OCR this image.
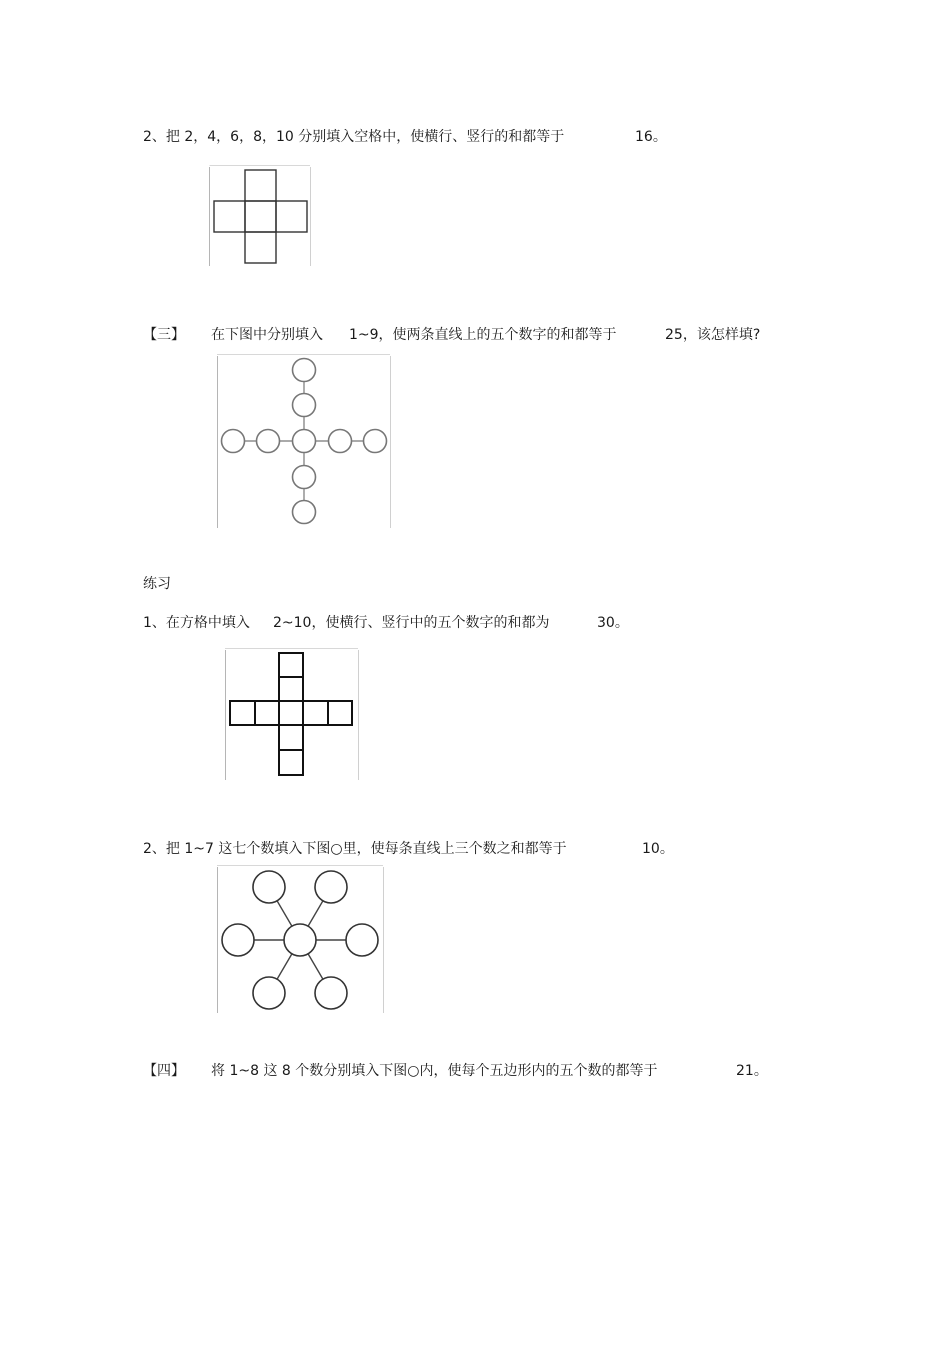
2、把 2，4，6，8，10 分别填入空格中，使横行、竖行的和都等于	16。
【三】 在下图中分别填入 1~9，使两条直线上的五个数字的和都等于	25，该怎样填?
练习
1、在方格中填入 2~10，使横行、竖行中的五个数字的和都为	30。
2、把 1~7 这七个数填入下图○里，使每条直线上三个数之和都等于	10。
【四】 将 1~8 这 8 个数分别填入下图○内，使每个五边形内的五个数的都等于	21。
